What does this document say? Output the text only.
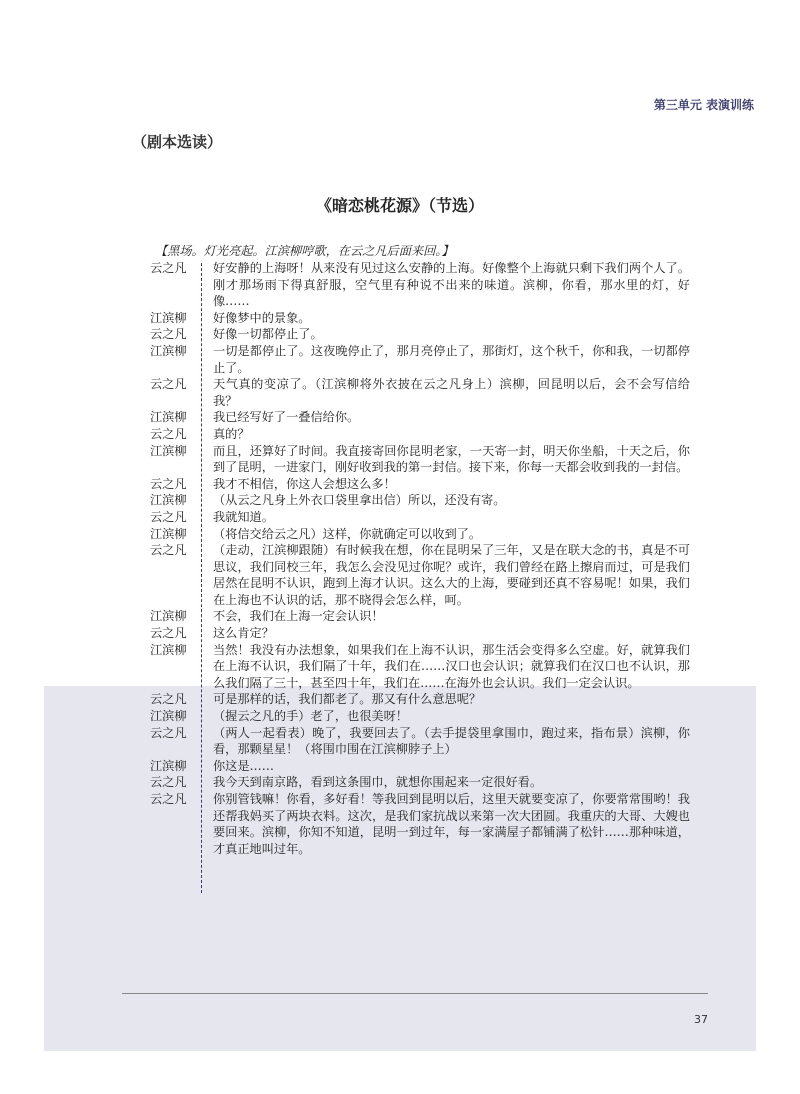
第三单元 表演训练
（剧本选读）
《暗恋桃花源》（节选）
【黑场。灯光亮起。江滨柳哼歌，在云之凡后面来回。】
云之凡	好安静的上海呀！从来没有见过这么安静的上海。好像整个上海就只剩下我们两个人了。刚才那场雨下得真舒服，空气里有种说不出来的味道。滨柳，你看，那水里的灯，好像……
江滨柳	好像梦中的景象。
云之凡	好像一切都停止了。
江滨柳	一切是都停止了。这夜晚停止了，那月亮停止了，那街灯，这个秋千，你和我，一切都停止了。
云之凡	天气真的变凉了。（江滨柳将外衣披在云之凡身上）滨柳，回昆明以后，会不会写信给我？
江滨柳	我已经写好了一叠信给你。
云之凡	真的？
江滨柳	而且，还算好了时间。我直接寄回你昆明老家，一天寄一封，明天你坐船，十天之后，你到了昆明，一进家门，刚好收到我的第一封信。接下来，你每一天都会收到我的一封信。
云之凡	我才不相信，你这人会想这么多！
江滨柳	（从云之凡身上外衣口袋里拿出信）所以，还没有寄。
云之凡	我就知道。
江滨柳	（将信交给云之凡）这样，你就确定可以收到了。
云之凡	（走动，江滨柳跟随）有时候我在想，你在昆明呆了三年，又是在联大念的书，真是不可思议，我们同校三年，我怎么会没见过你呢？或许，我们曾经在路上擦肩而过，可是我们居然在昆明不认识，跑到上海才认识。这么大的上海，要碰到还真不容易呢！如果，我们在上海也不认识的话，那不晓得会怎么样，呵。
江滨柳	不会，我们在上海一定会认识！
云之凡	这么肯定？
江滨柳	当然！我没有办法想象，如果我们在上海不认识，那生活会变得多么空虚。好，就算我们在上海不认识，我们隔了十年，我们在……汉口也会认识；就算我们在汉口也不认识，那么我们隔了三十，甚至四十年，我们在……在海外也会认识。我们一定会认识。
云之凡	可是那样的话，我们都老了。那又有什么意思呢？
江滨柳	（握云之凡的手）老了，也很美呀！
云之凡	（两人一起看表）晚了，我要回去了。（去手提袋里拿围巾，跑过来，指布景）滨柳，你看，那颗星星！（将围巾围在江滨柳脖子上）
江滨柳	你这是……
云之凡	我今天到南京路，看到这条围巾，就想你围起来一定很好看。
云之凡	你别管钱嘛！你看，多好看！等我回到昆明以后，这里天就要变凉了，你要常常围哟！我还帮我妈买了两块衣料。这次，是我们家抗战以来第一次大团圆。我重庆的大哥、大嫂也要回来。滨柳，你知不知道，昆明一到过年，每一家满屋子都铺满了松针……那种味道，才真正地叫过年。
37
